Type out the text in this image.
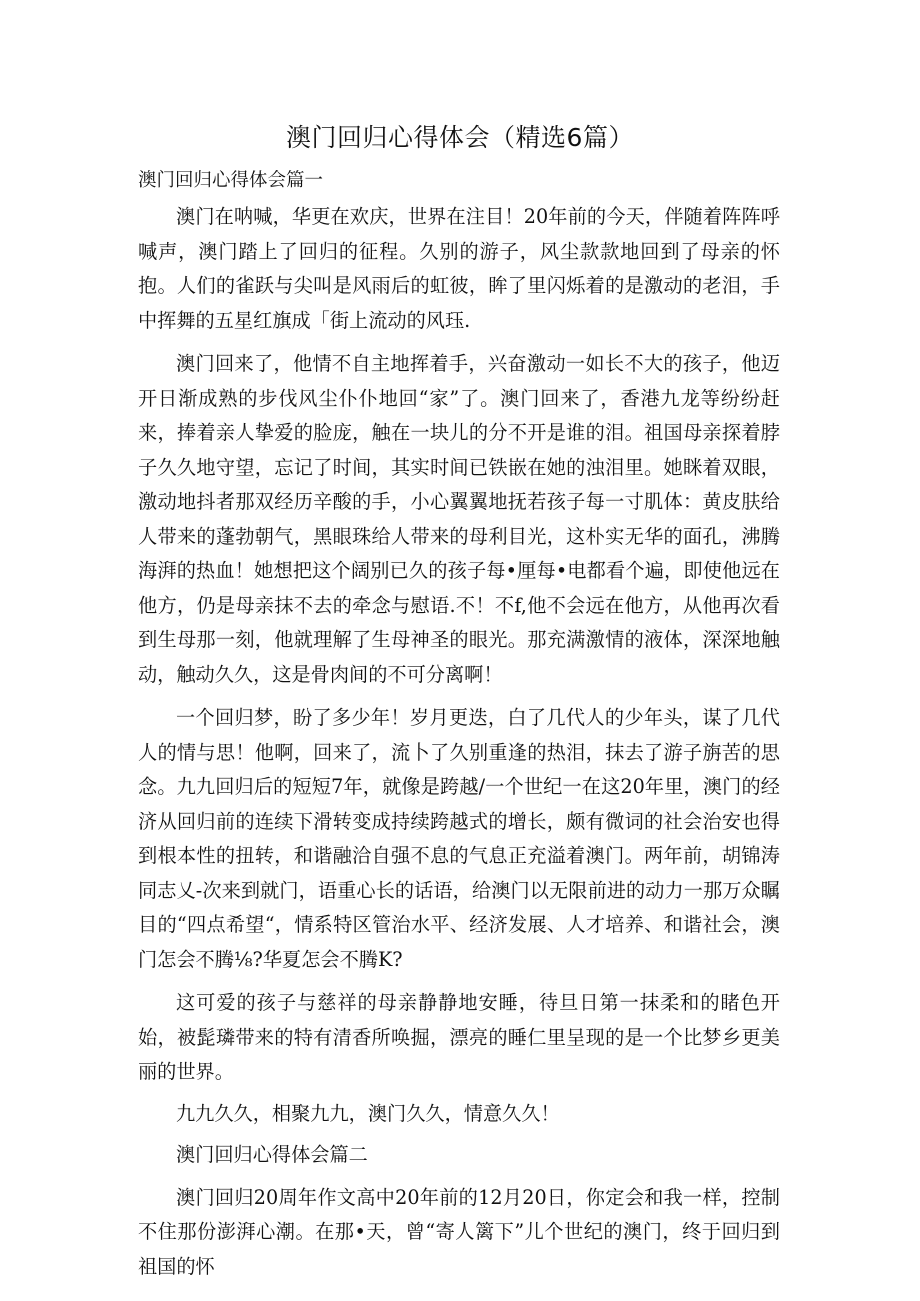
澳门回归心得体会（精选6篇）
澳门回归心得体会篇一

澳门在呐喊，华更在欢庆，世界在注目！20年前的今天，伴随着阵阵呼喊声，澳门踏上了回归的征程。久别的游子，风尘款款地回到了母亲的怀抱。人们的雀跃与尖叫是风雨后的虹彼，眸了里闪烁着的是激动的老泪，手中挥舞的五星红旗成「街上流动的风珏.

澳门回来了，他情不自主地挥着手，兴奋激动一如长不大的孩子，他迈开日渐成熟的步伐风尘仆仆地回“家”了。澳门回来了，香港九龙等纷纷赶来，捧着亲人挚爱的脸庞，触在一块儿的分不开是谁的泪。祖国母亲探着脖子久久地守望，忘记了时间，其实时间已铁嵌在她的浊泪里。她眯着双眼，激动地抖者那双经历辛酸的手，小心翼翼地抚若孩子每一寸肌体：黄皮肤给人带来的蓬勃朝气，黑眼珠给人带来的母利目光，这朴实无华的面孔，沸腾海湃的热血！她想把这个阔别已久的孩子每•厘每•电都看个遍，即使他远在他方，仍是母亲抹不去的牵念与慰语.不！不f,他不会远在他方，从他再次看到生母那一刻，他就理解了生母神圣的眼光。那充满激情的液体，深深地触动，触动久久，这是骨肉间的不可分离啊！

一个回归梦，盼了多少年！岁月更迭，白了几代人的少年头，谋了几代人的情与思！他啊，回来了，流卜了久别重逢的热泪，抹去了游子旃苦的思念。九九回归后的短短7年，就像是跨越/一个世纪一在这20年里，澳门的经济从回归前的连续下滑转变成持续跨越式的增长，颇有微词的社会治安也得到根本性的扭转，和谐融洽自强不息的气息正充溢着澳门。两年前，胡锦涛同志乂-次来到就门，语重心长的话语，给澳门以无限前进的动力一那万众瞩目的“四点希望“，情系特区管治水平、经济发展、人才培养、和谐社会，澳门怎会不腾⅛?华夏怎会不腾K?

这可爱的孩子与慈祥的母亲静静地安睡，待旦日第一抹柔和的睹色开始，被髭璘带来的特有清香所唤掘，漂亮的睡仁里呈现的是一个比梦乡更美丽的世界。

九九久久，相聚九九，澳门久久，情意久久！

澳门回归心得体会篇二

澳门回归20周年作文高中20年前的12月20日，你定会和我一样，控制不住那份澎湃心潮。在那•天，曾“寄人篱下”儿个世纪的澳门，终于回归到祖国的怀
